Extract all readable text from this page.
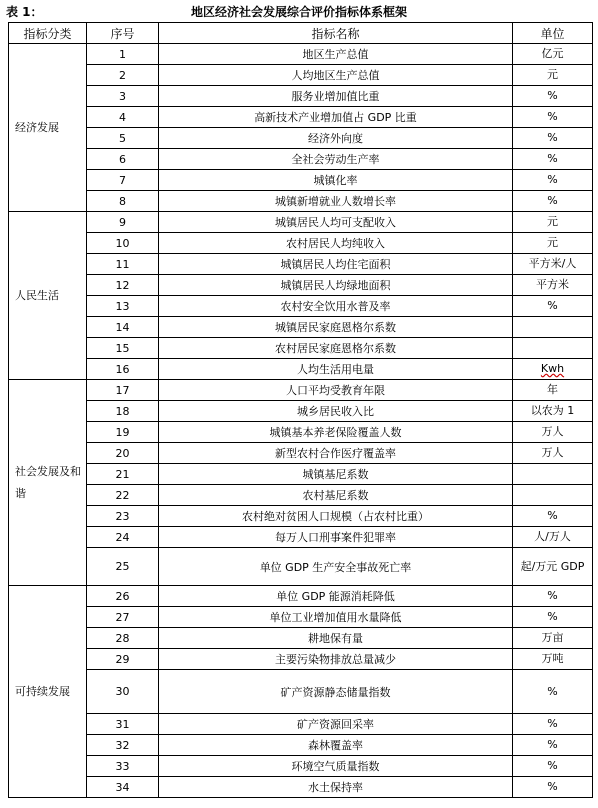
地区经济社会发展综合评价指标体系框架
表 1：
指标分类	序号	指标名称	单位
经济发展	1	地区生产总值	亿元
	2	人均地区生产总值	元
	3	服务业增加值比重	%
	4	高新技术产业增加值占 GDP 比重	%
	5	经济外向度	%
	6	全社会劳动生产率	%
	7	城镇化率	%
	8	城镇新增就业人数增长率	%
人民生活	9	城镇居民人均可支配收入	元
	10	农村居民人均纯收入	元
	11	城镇居民人均住宅面积	平方米/人
	12	城镇居民人均绿地面积	平方米
	13	农村安全饮用水普及率	%
	14	城镇居民家庭恩格尔系数	
	15	农村居民家庭恩格尔系数	
	16	人均生活用电量	Kwh
社会发展及和谐	17	人口平均受教育年限	年
	18	城乡居民收入比	以农为 1
	19	城镇基本养老保险覆盖人数	万人
	20	新型农村合作医疗覆盖率	万人
	21	城镇基尼系数	
	22	农村基尼系数	
	23	农村绝对贫困人口规模（占农村比重）	%
	24	每万人口刑事案件犯罪率	人/万人
	25	单位 GDP 生产安全事故死亡率	起/万元 GDP
可持续发展	26	单位 GDP 能源消耗降低	%
	27	单位工业增加值用水量降低	%
	28	耕地保有量	万亩
	29	主要污染物排放总量减少	万吨
	30	矿产资源静态储量指数	%
	31	矿产资源回采率	%
	32	森林覆盖率	%
	33	环境空气质量指数	%
	34	水土保持率	%
